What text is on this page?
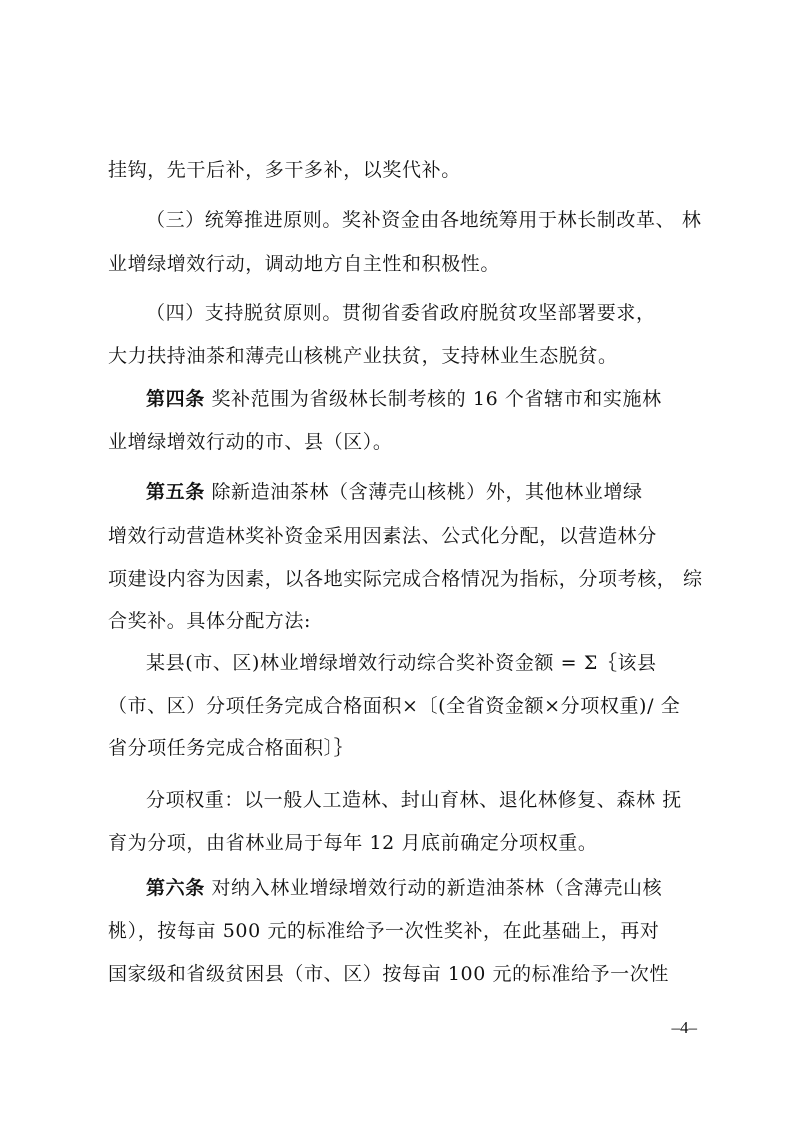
挂钩，先干后补，多干多补，以奖代补。
（三）统筹推进原则。奖补资金由各地统筹用于林长制改革、 林
业增绿增效行动，调动地方自主性和积极性。
（四）支持脱贫原则。贯彻省委省政府脱贫攻坚部署要求，
大力扶持油茶和薄壳山核桃产业扶贫，支持林业生态脱贫。
第四条 奖补范围为省级林长制考核的 16 个省辖市和实施林
业增绿增效行动的市、县（区）。
第五条 除新造油茶林（含薄壳山核桃）外，其他林业增绿
增效行动营造林奖补资金采用因素法、公式化分配，以营造林分
项建设内容为因素，以各地实际完成合格情况为指标，分项考核， 综
合奖补。具体分配方法:
某县(市、区)林业增绿增效行动综合奖补资金额 = Σ｛该县
（市、区）分项任务完成合格面积×〔(全省资金额×分项权重)/ 全
省分项任务完成合格面积〕｝
分项权重：以一般人工造林、封山育林、退化林修复、森林 抚
育为分项，由省林业局于每年 12 月底前确定分项权重。
第六条 对纳入林业增绿增效行动的新造油茶林（含薄壳山核
桃），按每亩 500 元的标准给予一次性奖补，在此基础上，再对
国家级和省级贫困县（市、区）按每亩 100 元的标准给予一次性
–4–
